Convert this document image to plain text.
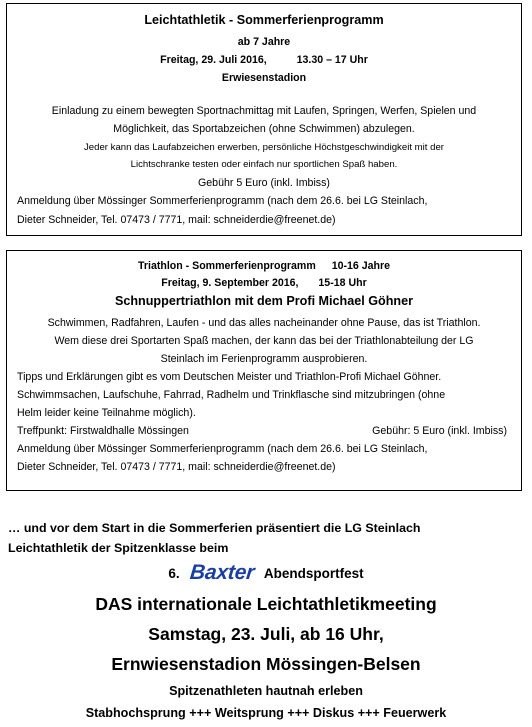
Leichtathletik - Sommerferienprogramm
ab 7 Jahre
Freitag, 29. Juli 2016,	13.30 – 17 Uhr
Erwiesenstadion
Einladung zu einem bewegten Sportnachmittag mit Laufen, Springen, Werfen, Spielen und
Möglichkeit, das Sportabzeichen (ohne Schwimmen) abzulegen.
Jeder kann das Laufabzeichen erwerben, persönliche Höchstgeschwindigkeit mit der
Lichtschranke testen oder einfach nur sportlichen Spaß haben.
Gebühr 5 Euro (inkl. Imbiss)
Anmeldung über Mössinger Sommerferienprogramm (nach dem 26.6. bei LG Steinlach,
Dieter Schneider, Tel. 07473 / 7771, mail: schneiderdie@freenet.de)
Triathlon - Sommerferienprogramm 10-16 Jahre
Freitag, 9. September 2016, 15-18 Uhr
Schnuppertriathlon mit dem Profi Michael Göhner
Schwimmen, Radfahren, Laufen - und das alles nacheinander ohne Pause, das ist Triathlon.
Wem diese drei Sportarten Spaß machen, der kann das bei der Triathlonabteilung der LG
Steinlach im Ferienprogramm ausprobieren.
Tipps und Erklärungen gibt es vom Deutschen Meister und Triathlon-Profi Michael Göhner.
Schwimmsachen, Laufschuhe, Fahrrad, Radhelm und Trinkflasche sind mitzubringen (ohne
Helm leider keine Teilnahme möglich).
Treffpunkt: Firstwaldhalle Mössingen	Gebühr: 5 Euro (inkl. Imbiss)
Anmeldung über Mössinger Sommerferienprogramm (nach dem 26.6. bei LG Steinlach,
Dieter Schneider, Tel. 07473 / 7771, mail: schneiderdie@freenet.de)
… und vor dem Start in die Sommerferien präsentiert die LG Steinlach
Leichtathletik der Spitzenklasse beim
6. Baxter Abendsportfest
DAS internationale Leichtathletikmeeting
Samstag, 23. Juli, ab 16 Uhr,
Ernwiesenstadion Mössingen-Belsen
Spitzenathleten hautnah erleben
Stabhochsprung +++ Weitsprung +++ Diskus +++ Feuerwerk
